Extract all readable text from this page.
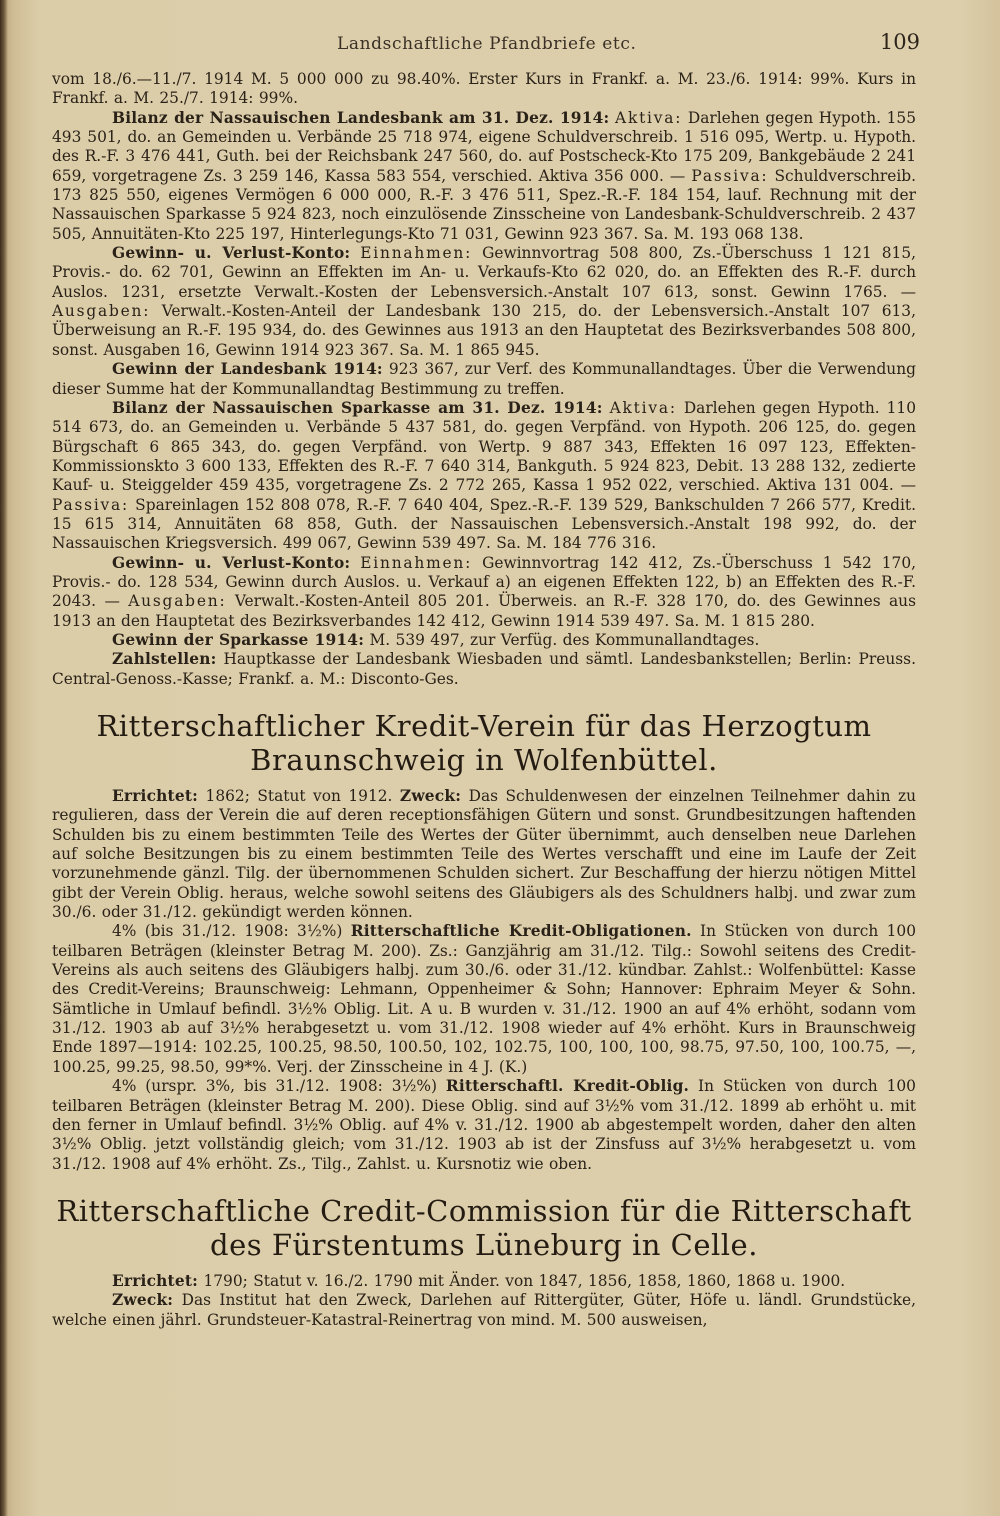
Landschaftliche Pfandbriefe etc.	109

vom 18./6.—11./7. 1914 M. 5 000 000 zu 98.40%. Erster Kurs in Frankf. a. M. 23./6. 1914: 99%. Kurs in Frankf. a. M. 25./7. 1914: 99%.

Bilanz der Nassauischen Landesbank am 31. Dez. 1914: Aktiva: Darlehen gegen Hypoth. 155 493 501, do. an Gemeinden u. Verbände 25 718 974, eigene Schuldverschreib. 1 516 095, Wertp. u. Hypoth. des R.-F. 3 476 441, Guth. bei der Reichsbank 247 560, do. auf Postscheck-Kto 175 209, Bankgebäude 2 241 659, vorgetragene Zs. 3 259 146, Kassa 583 554, verschied. Aktiva 356 000. — Passiva: Schuldverschreib. 173 825 550, eigenes Vermögen 6 000 000, R.-F. 3 476 511, Spez.-R.-F. 184 154, lauf. Rechnung mit der Nassauischen Sparkasse 5 924 823, noch einzulösende Zinsscheine von Landesbank-Schuldverschreib. 2 437 505, Annuitäten-Kto 225 197, Hinterlegungs-Kto 71 031, Gewinn 923 367. Sa. M. 193 068 138.

Gewinn- u. Verlust-Konto: Einnahmen: Gewinnvortrag 508 800, Zs.-Überschuss 1 121 815, Provis.- do. 62 701, Gewinn an Effekten im An- u. Verkaufs-Kto 62 020, do. an Effekten des R.-F. durch Auslos. 1231, ersetzte Verwalt.-Kosten der Lebensversich.-Anstalt 107 613, sonst. Gewinn 1765. — Ausgaben: Verwalt.-Kosten-Anteil der Landesbank 130 215, do. der Lebensversich.-Anstalt 107 613, Überweisung an R.-F. 195 934, do. des Gewinnes aus 1913 an den Hauptetat des Bezirksverbandes 508 800, sonst. Ausgaben 16, Gewinn 1914 923 367. Sa. M. 1 865 945.

Gewinn der Landesbank 1914: 923 367, zur Verf. des Kommunallandtages. Über die Verwendung dieser Summe hat der Kommunallandtag Bestimmung zu treffen.

Bilanz der Nassauischen Sparkasse am 31. Dez. 1914: Aktiva: Darlehen gegen Hypoth. 110 514 673, do. an Gemeinden u. Verbände 5 437 581, do. gegen Verpfänd. von Hypoth. 206 125, do. gegen Bürgschaft 6 865 343, do. gegen Verpfänd. von Wertp. 9 887 343, Effekten 16 097 123, Effekten-Kommissionskto 3 600 133, Effekten des R.-F. 7 640 314, Bankguth. 5 924 823, Debit. 13 288 132, zedierte Kauf- u. Steiggelder 459 435, vorgetragene Zs. 2 772 265, Kassa 1 952 022, verschied. Aktiva 131 004. — Passiva: Spareinlagen 152 808 078, R.-F. 7 640 404, Spez.-R.-F. 139 529, Bankschulden 7 266 577, Kredit. 15 615 314, Annuitäten 68 858, Guth. der Nassauischen Lebensversich.-Anstalt 198 992, do. der Nassauischen Kriegsversich. 499 067, Gewinn 539 497. Sa. M. 184 776 316.

Gewinn- u. Verlust-Konto: Einnahmen: Gewinnvortrag 142 412, Zs.-Überschuss 1 542 170, Provis.- do. 128 534, Gewinn durch Auslos. u. Verkauf a) an eigenen Effekten 122, b) an Effekten des R.-F. 2043. — Ausgaben: Verwalt.-Kosten-Anteil 805 201. Überweis. an R.-F. 328 170, do. des Gewinnes aus 1913 an den Hauptetat des Bezirksverbandes 142 412, Gewinn 1914 539 497. Sa. M. 1 815 280.

Gewinn der Sparkasse 1914: M. 539 497, zur Verfüg. des Kommunallandtages.

Zahlstellen: Hauptkasse der Landesbank Wiesbaden und sämtl. Landesbankstellen; Berlin: Preuss. Central-Genoss.-Kasse; Frankf. a. M.: Disconto-Ges.

Ritterschaftlicher Kredit-Verein für das Herzogtum
Braunschweig in Wolfenbüttel.

Errichtet: 1862; Statut von 1912. Zweck: Das Schuldenwesen der einzelnen Teilnehmer dahin zu regulieren, dass der Verein die auf deren receptionsfähigen Gütern und sonst. Grundbesitzungen haftenden Schulden bis zu einem bestimmten Teile des Wertes der Güter übernimmt, auch denselben neue Darlehen auf solche Besitzungen bis zu einem bestimmten Teile des Wertes verschafft und eine im Laufe der Zeit vorzunehmende gänzl. Tilg. der übernommenen Schulden sichert. Zur Beschaffung der hierzu nötigen Mittel gibt der Verein Oblig. heraus, welche sowohl seitens des Gläubigers als des Schuldners halbj. und zwar zum 30./6. oder 31./12. gekündigt werden können.

4% (bis 31./12. 1908: 3½%) Ritterschaftliche Kredit-Obligationen. In Stücken von durch 100 teilbaren Beträgen (kleinster Betrag M. 200). Zs.: Ganzjährig am 31./12. Tilg.: Sowohl seitens des Credit-Vereins als auch seitens des Gläubigers halbj. zum 30./6. oder 31./12. kündbar. Zahlst.: Wolfenbüttel: Kasse des Credit-Vereins; Braunschweig: Lehmann, Oppenheimer & Sohn; Hannover: Ephraim Meyer & Sohn. Sämtliche in Umlauf befindl. 3½% Oblig. Lit. A u. B wurden v. 31./12. 1900 an auf 4% erhöht, sodann vom 31./12. 1903 ab auf 3½% herabgesetzt u. vom 31./12. 1908 wieder auf 4% erhöht. Kurs in Braunschweig Ende 1897—1914: 102.25, 100.25, 98.50, 100.50, 102, 102.75, 100, 100, 100, 98.75, 97.50, 100, 100.75, —, 100.25, 99.25, 98.50, 99*%. Verj. der Zinsscheine in 4 J. (K.)

4% (urspr. 3%, bis 31./12. 1908: 3½%) Ritterschaftl. Kredit-Oblig. In Stücken von durch 100 teilbaren Beträgen (kleinster Betrag M. 200). Diese Oblig. sind auf 3½% vom 31./12. 1899 ab erhöht u. mit den ferner in Umlauf befindl. 3½% Oblig. auf 4% v. 31./12. 1900 ab abgestempelt worden, daher den alten 3½% Oblig. jetzt vollständig gleich; vom 31./12. 1903 ab ist der Zinsfuss auf 3½% herabgesetzt u. vom 31./12. 1908 auf 4% erhöht. Zs., Tilg., Zahlst. u. Kursnotiz wie oben.

Ritterschaftliche Credit-Commission für die Ritterschaft
des Fürstentums Lüneburg in Celle.

Errichtet: 1790; Statut v. 16./2. 1790 mit Änder. von 1847, 1856, 1858, 1860, 1868 u. 1900.

Zweck: Das Institut hat den Zweck, Darlehen auf Rittergüter, Güter, Höfe u. ländl. Grundstücke, welche einen jährl. Grundsteuer-Katastral-Reinertrag von mind. M. 500 ausweisen,
